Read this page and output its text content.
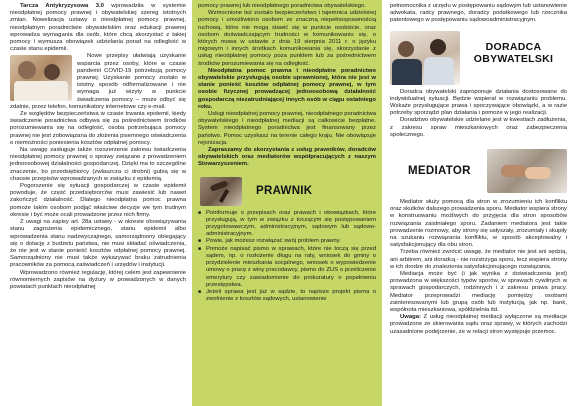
Tarcza Antykryzysowa 3.0 wprowadziła w systemie nieodpłatnej pomocy prawnej i obywatelskiej szereg istotnych zmian. Nowelizacja ustawy o nieodpłatnej pomocy prawnej, nieodpłatnym poradnictwie obywatelskim oraz edukacji prawnej wprowadza wymagania dla osób, które chcą skorzystać z takiej pomocy i wymusza obowiązek udzielania porad na odległość w czasie stanu epidemii.

Nowe przepisy ułatwiają uzyskanie wsparcia przez osoby, które w czasie pandemii COVID-19 potrzebują pomocy prawnej. Uzyskanie pomocy zostało w istotny sposób odformalizowane i nie wymaga już wizyty w punkcie świadczenia pomocy – może odbyć się zdalnie, przez telefon, komunikatory internetowe czy e-mail.

Ze względów bezpieczeństwa w czasie trwania epidemii, kiedy świadczenie poradnictwa odbywa się za pośrednictwem środków porozumiewania się na odległość, osoba potrzebująca pomocy prawnej nie jest zobowiązana do złożenia pisemnego oświadczenia o niemożności poniesienia kosztów odpłatnej pomocy.

Na uwagę zasługuje także rozszerzenie zakresu świadczenia nieodpłatnej pomocy prawnej o sprawy związane z prowadzeniem jednoosobowej działalności gospodarczej. Dzięki ma to szczególne znaczenie, bo przedsiębiorcy (zwłaszcza ci drobni) gubią się w chaosie przepisów wprowadzanych w związku z epidemią.

Pogorszenie się sytuacji gospodarczej w czasie epidemii powoduje, że część przedsiębiorców musi zawiesić lub nawet zakończyć działalność. Dlatego nieodpłatna pomoc prawna pomoże takim osobom podjąć właściwe decyzje we tym trudnym okresie i być może ocali prowadzone przez nich firmy.

Z uwagi na zapisy art. 28a ustawy - w okresie obowiązywania stanu zagrożenia epidemicznego, stanu epidemii albo wprowadzenia stanu nadzwyczajnego, samorządniony obiegający się o dotację z budżetu państwa, nie musi składać oświadczenia, że nie jest w stanie ponieść kosztów odpłatnej pomocy prawnej. Samorządniony nie musi także wykazywać braku zatrudnienia pracowników za pomocą zaświadczeń i urzędów i instytucji.

Wprowadzono również regulację, której celem jest zapewnienie równomiernych zapisów na dyżury w prowadzonych w danych powiatach punktach nieodpłatnej

pomocy prawnej lub nieodpłatnego poradnictwa obywatelskiego.

Wzmocnione też zostało bezpieczeństwo i tajemnica udzielonej pomocy i umożliwiono osobom ze znaczną niepełnosprawnością ruchową, które nie mogą stawić się w punkcie osobiście, oraz osobom doświadczającym trudności w komunikowaniu się, o których mowa w ustawie z dnia 19 sierpnia 2011 r. o języku migowym i innych środkach komunikowania się, skorzystanie z usług nieodpłatnej pomocy poza punktem lub za pośrednictwem środków porozumiewania się na odległość.

Nieodpłatna pomoc prawna i nieodpłatne poradnictwo obywatelskie przysługują osobie uprawnionej, która nie jest w stanie ponieść kosztów odpłatnej pomocy prawnej, w tym osobie fizycznej prowadzącej jednoosobową działalność gospodarczą niezatrudniającej innych osób w ciągu ostatniego roku.

Usługi nieodpłatnej pomocy prawnej, nieodpłatnego poradnictwa obywatelskiego i nieodpłatnej mediacji są całkowicie bezpłatne. System nieodpłatnego poradnictwa jest finansowany przez państwo. Pomoc uzyskasz na terenie całego kraju. Nie obowiązuje rejonizacja.

Zapraszamy do skorzystania z usług prawników, doradców obywatelskich oraz mediatorów współpracujących z naszym Stowarzyszeniem.

PRAWNIK
■ Poinformuje o przepisach oraz prawach i obowiązkach, które przysługują, w tym w związku z toczącym się postępowaniem przygotowawczym, administracyjnym, sądowym lub sądowo-administracyjnym.
■ Powie, jak możesz rozwiązać swój problem prawny.
■ Pomoże napisać pismo w sprawach, które nie toczą się przed sądem, np. o rozłożenie długu na raty, wniosek do gminy o przydzielenie mieszkania socjalnego, wniosek o wypowiedzenie umowy o pracę z winy pracodawcy, pismo do ZUS o przeliczenie emerytury czy zawiadomienie do prokuratury o popełnieniu przestępstwa.
■ Jeżeli sprawa jest już w sądzie, to napisze projekt pisma o zwolnienie z kosztów sądowych, ustanowienie

pełnomocnika z urzędu w postępowaniu sądowym lub ustanowienie adwokata, radcy prawnego, doradcy podatkowego lub rzecznika patentowego w postępowaniu sądowoadministracyjnym.

DORADCA
OBYWATELSKI

Doradca obywatelski zaproponuje działania dostosowane do indywidualnej sytuacji. Będzie wspierał w rozwiązaniu problemu. Wskaże przysługujące prawa i spoczywające obowiązki, a w razie potrzeby sporządzi plan działania i pomoże w jego realizacji.

Doradztwo obywatelskie udzielane jest w kwestiach zadłużenia, z zakresu spraw mieszkaniowych oraz zabezpieczenia społecznego.

MEDIATOR

Mediator służy pomocą dla stron w zrozumieniu ich konfliktu oraz skutków dalszego prowadzenia sporu. Mediator wspiera strony w konstruowaniu możliwych do przyjęcia dla stron sposobów rozwiązania zaistniałego sporu. Zadaniem mediatora jest takie prowadzenie rozmowy, aby strony się usłyszały, zrozumiały i skupiły na szukaniu rozwiązania konfliktu, w sposób akceptowalny i satysfakcjonujący dla obu stron.

Trzeba również zwrócić uwagę, że mediator nie jest ani sędzią, ani arbitrem, ani doradcą - nie rozstrzyga sporu, lecz wspiera strony w ich drodze do znalezienia satysfakcjonującego rozwiązania.

Mediacja może być (i jak wynika z doświadczenia jest) prowadzona w większości typów sporów, w sprawach cywilnych w sprawach gospodarczych, rodzinnych i z zakresu prawa pracy. Mediator przeprowadzi mediację pomiędzy osobami zainteresowanymi lub grupą osób lub instytucją, jak np. bank, wspólnota mieszkaniowa, spółdzielnia itd.

Uwaga: Z usług nieodpłatnej mediacji wyłączone są mediacje prowadzone ze skierowania sądu oraz sprawy, w których zachodzi uzasadnione podejrzenie, że w relacji stron występuje przemoc.
